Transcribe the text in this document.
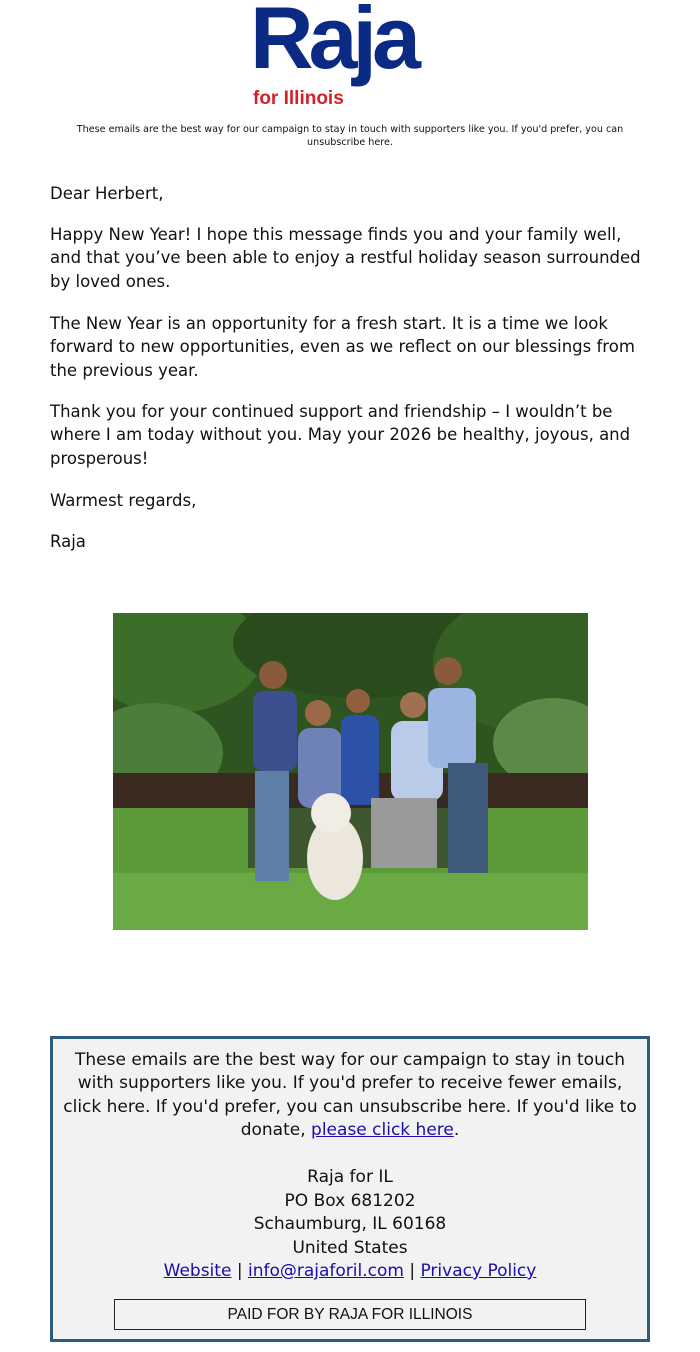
Raja
for Illinois
These emails are the best way for our campaign to stay in touch with supporters like you. If you'd prefer, you can unsubscribe here.

Dear Herbert,

Happy New Year! I hope this message finds you and your family well, and that you’ve been able to enjoy a restful holiday season surrounded by loved ones.

The New Year is an opportunity for a fresh start. It is a time we look forward to new opportunities, even as we reflect on our blessings from the previous year.

Thank you for your continued support and friendship – I wouldn’t be where I am today without you. May your 2026 be healthy, joyous, and prosperous!

Warmest regards,

Raja

These emails are the best way for our campaign to stay in touch with supporters like you. If you'd prefer to receive fewer emails, click here. If you'd prefer, you can unsubscribe here. If you'd like to donate, please click here.
Raja for IL
PO Box 681202
Schaumburg, IL 60168
United States
Website | info@rajaforil.com | Privacy Policy
PAID FOR BY RAJA FOR ILLINOIS
